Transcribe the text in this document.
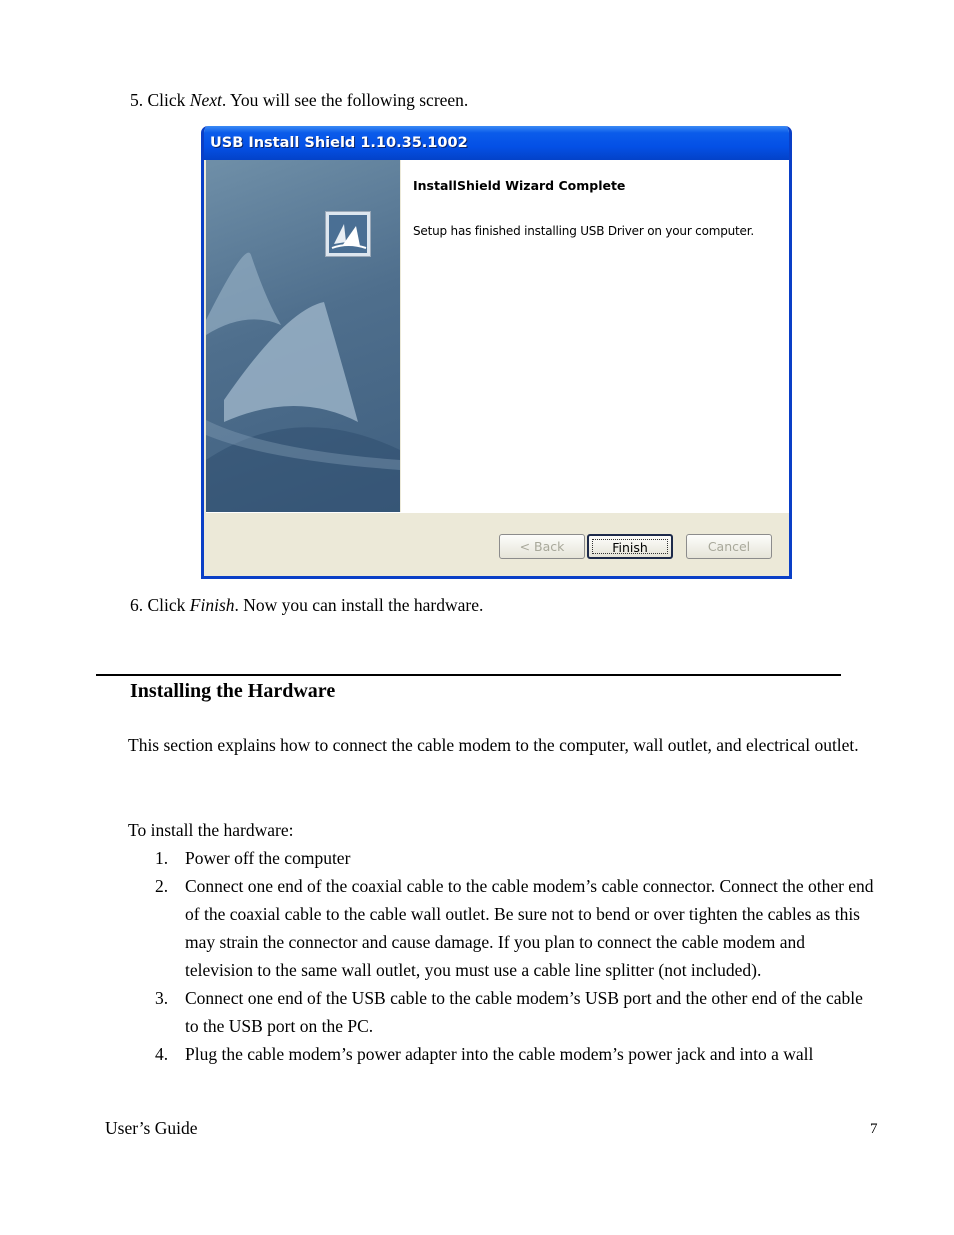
5. Click Next. You will see the following screen.

USB Install Shield 1.10.35.1002
InstallShield Wizard Complete
Setup has finished installing USB Driver on your computer.
< Back	Finish	Cancel

6. Click Finish. Now you can install the hardware.

Installing the Hardware

This section explains how to connect the cable modem to the computer, wall outlet, and electrical outlet.

To install the hardware:

1. Power off the computer
2. Connect one end of the coaxial cable to the cable modem’s cable connector. Connect the other end of the coaxial cable to the cable wall outlet. Be sure not to bend or over tighten the cables as this may strain the connector and cause damage. If you plan to connect the cable modem and television to the same wall outlet, you must use a cable line splitter (not included).
3. Connect one end of the USB cable to the cable modem’s USB port and the other end of the cable to the USB port on the PC.
4. Plug the cable modem’s power adapter into the cable modem’s power jack and into a wall

User’s Guide	7
